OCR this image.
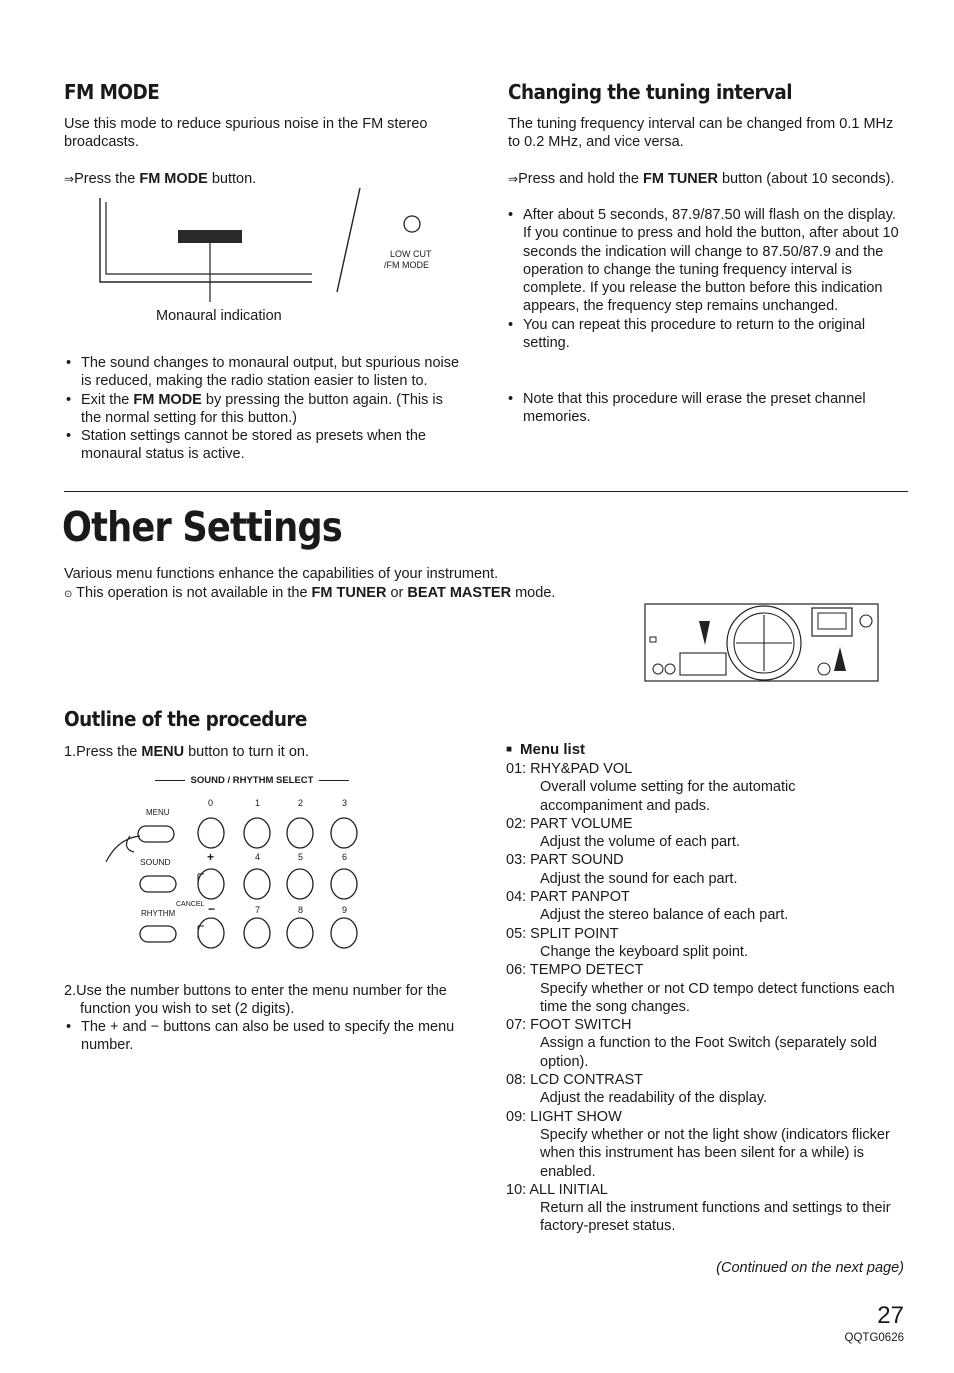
FM MODE

Use this mode to reduce spurious noise in the FM stereo broadcasts.

⇒Press the FM MODE button.

MONO
LOW CUT
/FM MODE

Monaural indication

• The sound changes to monaural output, but spurious noise is reduced, making the radio station easier to listen to.
• Exit the FM MODE by pressing the button again. (This is the normal setting for this button.)
• Station settings cannot be stored as presets when the monaural status is active.
Changing the tuning interval

The tuning frequency interval can be changed from 0.1 MHz to 0.2 MHz, and vice versa.

⇒Press and hold the FM TUNER button (about 10 seconds).

• After about 5 seconds, 87.9/87.50 will flash on the display. If you continue to press and hold the button, after about 10 seconds the indication will change to 87.50/87.9 and the operation to change the tuning frequency interval is complete. If you release the button before this indication appears, the frequency step remains unchanged.
• You can repeat this procedure to return to the original setting.
• Note that this procedure will erase the preset channel memories.
Other Settings

Various menu functions enhance the capabilities of your instrument.

⊙ This operation is not available in the FM TUNER or BEAT MASTER mode.

Outline of the procedure

1.Press the MENU button to turn it on.

SOUND / RHYTHM SELECT
MENU
SOUND
RHYTHM
CANCEL
0	1	2	3
+	4	5	6
−	7	8	9

2.Use the number buttons to enter the menu number for the function you wish to set (2 digits).

• The + and − buttons can also be used to specify the menu number.

■ Menu list

01: RHY&PAD VOL
Overall volume setting for the automatic accompaniment and pads.
02: PART VOLUME
Adjust the volume of each part.
03: PART SOUND
Adjust the sound for each part.
04: PART PANPOT
Adjust the stereo balance of each part.
05: SPLIT POINT
Change the keyboard split point.
06: TEMPO DETECT
Specify whether or not CD tempo detect functions each time the song changes.
07: FOOT SWITCH
Assign a function to the Foot Switch (separately sold option).
08: LCD CONTRAST
Adjust the readability of the display.
09: LIGHT SHOW
Specify whether or not the light show (indicators flicker when this instrument has been silent for a while) is enabled.
10: ALL INITIAL
Return all the instrument functions and settings to their factory-preset status.

(Continued on the next page)

27

QQTG0626
